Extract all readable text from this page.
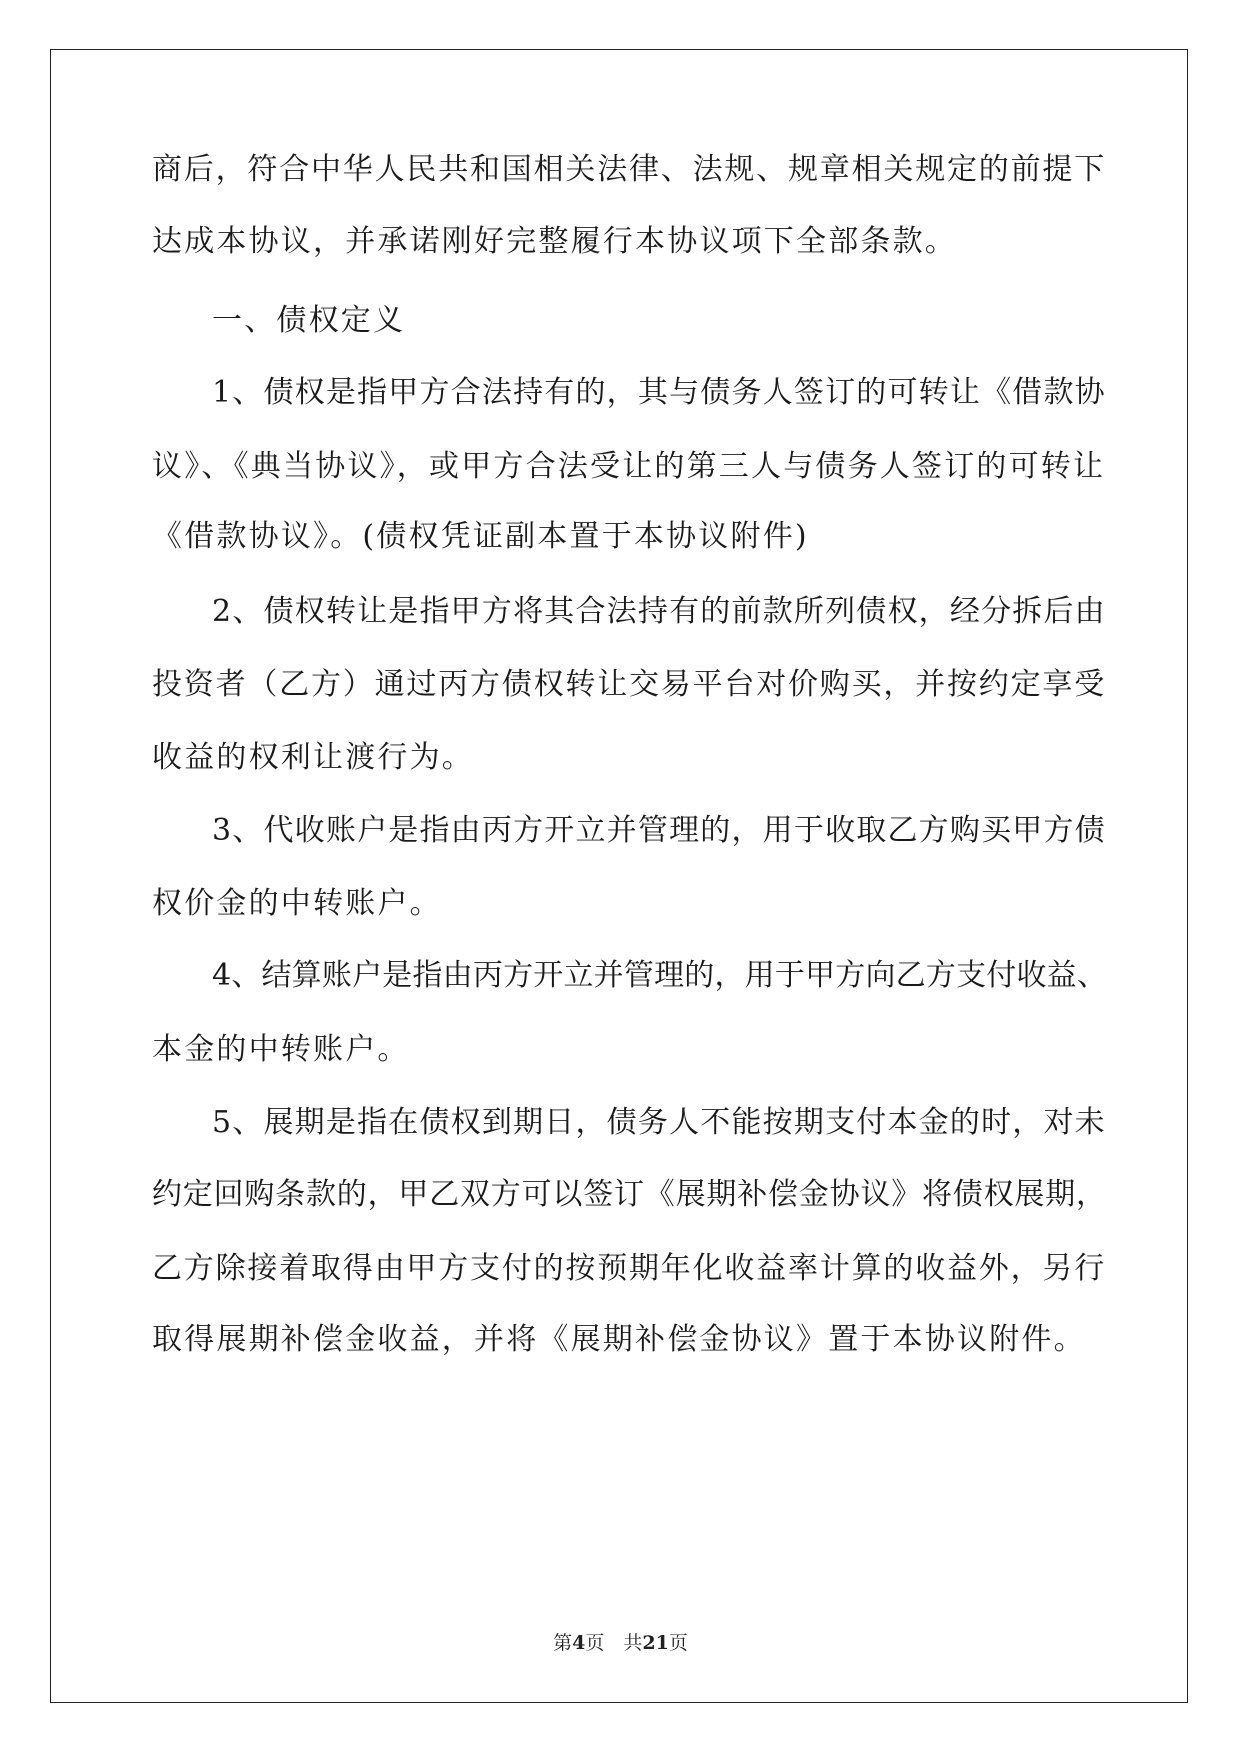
商后，符合中华人民共和国相关法律、法规、规章相关规定的前提下
达成本协议，并承诺刚好完整履行本协议项下全部条款。
一、债权定义
1、债权是指甲方合法持有的，其与债务人签订的可转让《借款协
议》、《典当协议》，或甲方合法受让的第三人与债务人签订的可转让
《借款协议》。(债权凭证副本置于本协议附件)
2、债权转让是指甲方将其合法持有的前款所列债权，经分拆后由
投资者（乙方）通过丙方债权转让交易平台对价购买，并按约定享受
收益的权利让渡行为。
3、代收账户是指由丙方开立并管理的，用于收取乙方购买甲方债
权价金的中转账户。
4、结算账户是指由丙方开立并管理的，用于甲方向乙方支付收益、
本金的中转账户。
5、展期是指在债权到期日，债务人不能按期支付本金的时，对未
约定回购条款的，甲乙双方可以签订《展期补偿金协议》将债权展期，
乙方除接着取得由甲方支付的按预期年化收益率计算的收益外，另行
取得展期补偿金收益，并将《展期补偿金协议》置于本协议附件。
第4页　共21页
